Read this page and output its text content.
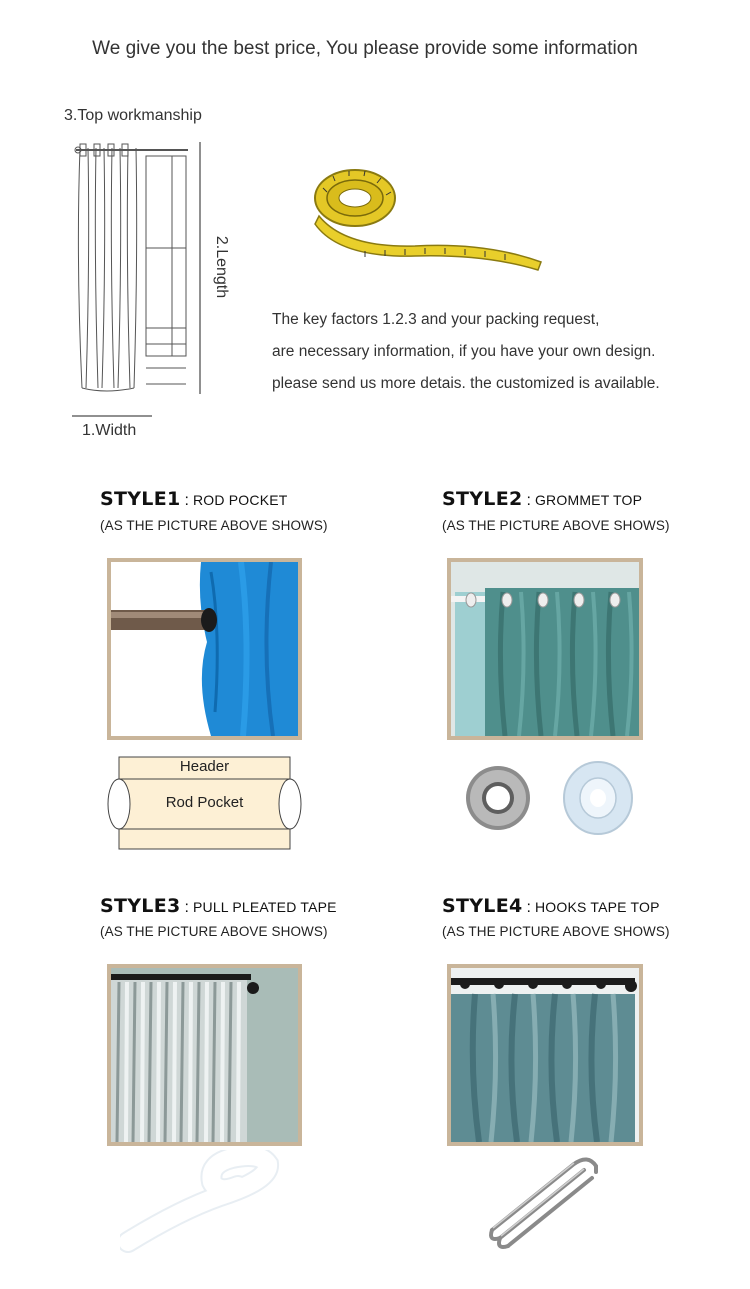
We give you the best price, You please provide some information
3.Top workmanship
2.Length
1.Width
The key factors 1.2.3 and your packing request,
are necessary information, if you have your own design.
please send us more detais. the customized is available.
STYLE1 : ROD POCKET
(AS THE PICTURE ABOVE SHOWS)
Header
Rod Pocket
STYLE2 : GROMMET TOP
(AS THE PICTURE ABOVE SHOWS)
STYLE3 : PULL PLEATED TAPE
(AS THE PICTURE ABOVE SHOWS)
STYLE4 : HOOKS TAPE TOP
(AS THE PICTURE ABOVE SHOWS)
